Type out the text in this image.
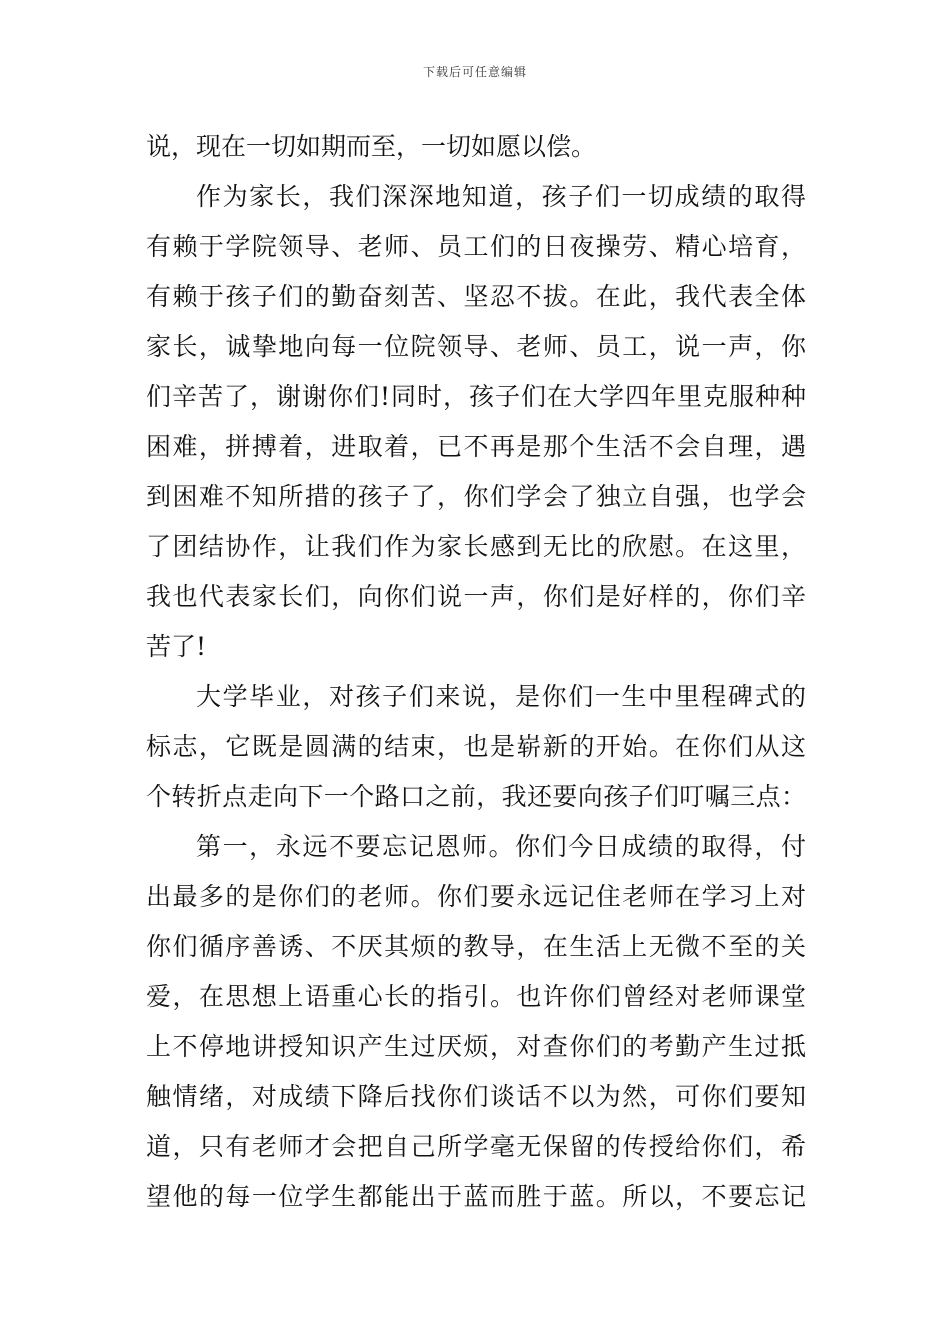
下载后可任意编辑
说，现在一切如期而至，一切如愿以偿。
作为家长，我们深深地知道，孩子们一切成绩的取得
有赖于学院领导、老师、员工们的日夜操劳、精心培育，
有赖于孩子们的勤奋刻苦、坚忍不拔。在此，我代表全体
家长，诚挚地向每一位院领导、老师、员工，说一声，你
们辛苦了，谢谢你们!同时，孩子们在大学四年里克服种种
困难，拼搏着，进取着，已不再是那个生活不会自理，遇
到困难不知所措的孩子了，你们学会了独立自强，也学会
了团结协作，让我们作为家长感到无比的欣慰。在这里，
我也代表家长们，向你们说一声，你们是好样的，你们辛
苦了!
大学毕业，对孩子们来说，是你们一生中里程碑式的
标志，它既是圆满的结束，也是崭新的开始。在你们从这
个转折点走向下一个路口之前，我还要向孩子们叮嘱三点：
第一，永远不要忘记恩师。你们今日成绩的取得，付
出最多的是你们的老师。你们要永远记住老师在学习上对
你们循序善诱、不厌其烦的教导，在生活上无微不至的关
爱，在思想上语重心长的指引。也许你们曾经对老师课堂
上不停地讲授知识产生过厌烦，对查你们的考勤产生过抵
触情绪，对成绩下降后找你们谈话不以为然，可你们要知
道，只有老师才会把自己所学毫无保留的传授给你们，希
望他的每一位学生都能出于蓝而胜于蓝。所以，不要忘记
